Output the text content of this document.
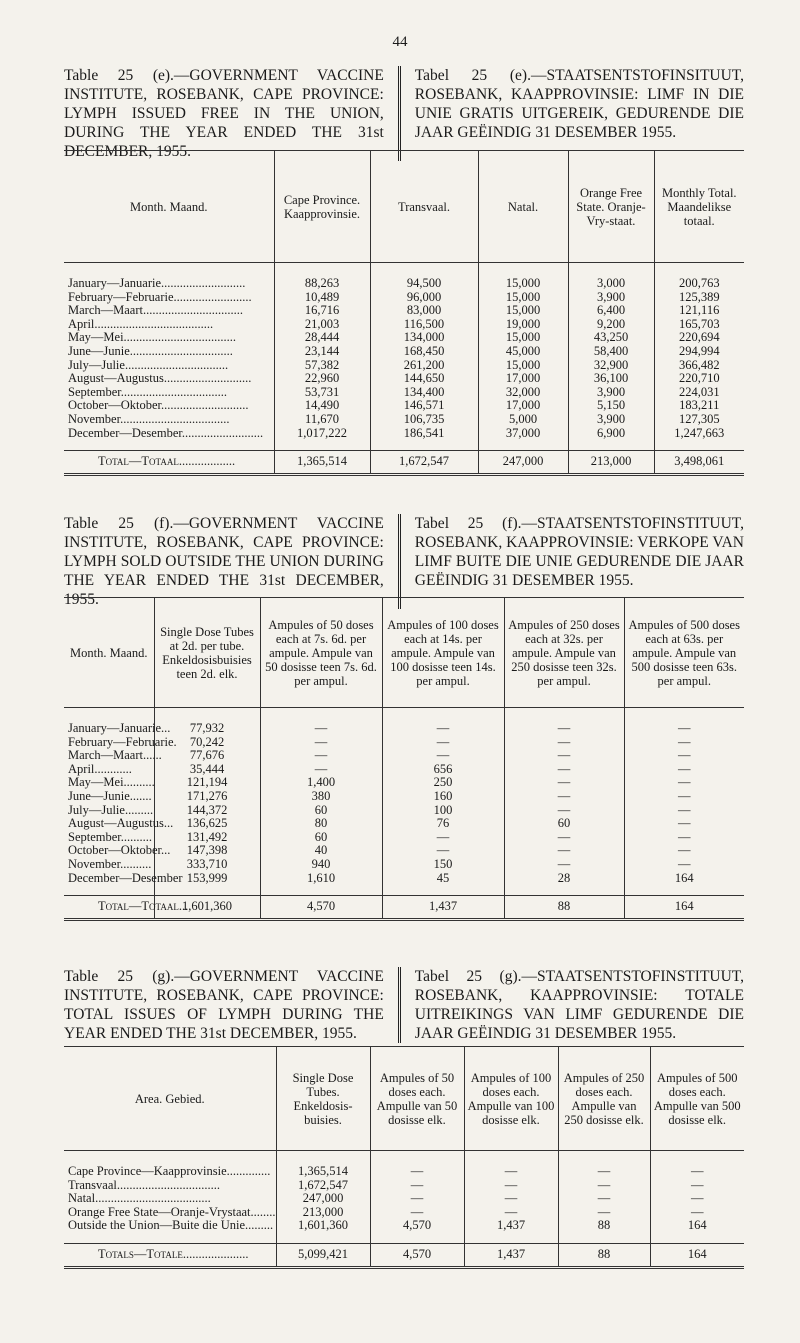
44
Table 25 (e).—GOVERNMENT VACCINE INSTITUTE, ROSEBANK, CAPE PROVINCE: LYMPH ISSUED FREE IN THE UNION, DURING THE YEAR ENDED THE 31st DECEMBER, 1955.
Tabel 25 (e).—STAATSENTSTOFINSITUUT, ROSEBANK, KAAPPROVINSIE: LIMF IN DIE UNIE GRATIS UITGEREIK, GEDURENDE DIE JAAR GEËINDIG 31 DESEMBER 1955.
Month. Maand.	Cape Province. Kaapprovinsie.	Transvaal.	Natal.	Orange Free State. Oranje-Vry-staat.	Monthly Total. Maandelikse totaal.
January—Januarie...........................	88,263	94,500	15,000	3,000	200,763
February—Februarie.........................	10,489	96,000	15,000	3,900	125,389
March—Maart................................	16,716	83,000	15,000	6,400	121,116
April......................................	21,003	116,500	19,000	9,200	165,703
May—Mei....................................	28,444	134,000	15,000	43,250	220,694
June—Junie.................................	23,144	168,450	45,000	58,400	294,994
July—Julie.................................	57,382	261,200	15,000	32,900	366,482
August—Augustus............................	22,960	144,650	17,000	36,100	220,710
September..................................	53,731	134,400	32,000	3,900	224,031
October—Oktober............................	14,490	146,571	17,000	5,150	183,211
November...................................	11,670	106,735	5,000	3,900	127,305
December—Desember..........................	1,017,222	186,541	37,000	6,900	1,247,663
Total—Totaal..................	1,365,514	1,672,547	247,000	213,000	3,498,061
Table 25 (f).—GOVERNMENT VACCINE INSTITUTE, ROSEBANK, CAPE PROVINCE: LYMPH SOLD OUTSIDE THE UNION DURING THE YEAR ENDED THE 31st DECEMBER, 1955.
Tabel 25 (f).—STAATSENTSTOFINSTITUUT, ROSEBANK, KAAPPROVINSIE: VERKOPE VAN LIMF BUITE DIE UNIE GEDURENDE DIE JAAR GEËINDIG 31 DESEMBER 1955.
Month. Maand.	Single Dose Tubes at 2d. per tube. Enkeldosisbuisies teen 2d. elk.	Ampules of 50 doses each at 7s. 6d. per ampule. Ampule van 50 dosisse teen 7s. 6d. per ampul.	Ampules of 100 doses each at 14s. per ampule. Ampule van 100 dosisse teen 14s. per ampul.	Ampules of 250 doses each at 32s. per ampule. Ampule van 250 dosisse teen 32s. per ampul.	Ampules of 500 doses each at 63s. per ampule. Ampule van 500 dosisse teen 63s. per ampul.
January—Januarie...	77,932	—	—	—	—
February—Februarie.	70,242	—	—	—	—
March—Maart......	77,676	—	—	—	—
April............	35,444	—	656	—	—
May—Mei..........	121,194	1,400	250	—	—
June—Junie.......	171,276	380	160	—	—
July—Julie.........	144,372	60	100	—	—
August—Augustus...	136,625	80	76	60	—
September..........	131,492	60	—	—	—
October—Oktober...	147,398	40	—	—	—
November..........	333,710	940	150	—	—
December—Desember	153,999	1,610	45	28	164
Total—Totaal...	1,601,360	4,570	1,437	88	164
Table 25 (g).—GOVERNMENT VACCINE INSTITUTE, ROSEBANK, CAPE PROVINCE: TOTAL ISSUES OF LYMPH DURING THE YEAR ENDED THE 31st DECEMBER, 1955.
Tabel 25 (g).—STAATSENTSTOFINSTITUUT, ROSEBANK, KAAPPROVINSIE: TOTALE UITREIKINGS VAN LIMF GEDURENDE DIE JAAR GEËINDIG 31 DESEMBER 1955.
Area. Gebied.	Single Dose Tubes. Enkeldosis-buisies.	Ampules of 50 doses each. Ampulle van 50 dosisse elk.	Ampules of 100 doses each. Ampulle van 100 dosisse elk.	Ampules of 250 doses each. Ampulle van 250 dosisse elk.	Ampules of 500 doses each. Ampulle van 500 dosisse elk.
Cape Province—Kaapprovinsie..............	1,365,514	—	—	—	—
Transvaal.................................	1,672,547	—	—	—	—
Natal.....................................	247,000	—	—	—	—
Orange Free State—Oranje-Vrystaat........	213,000	—	—	—	—
Outside the Union—Buite die Unie.........	1,601,360	4,570	1,437	88	164
Totals—Totale.....................	5,099,421	4,570	1,437	88	164
